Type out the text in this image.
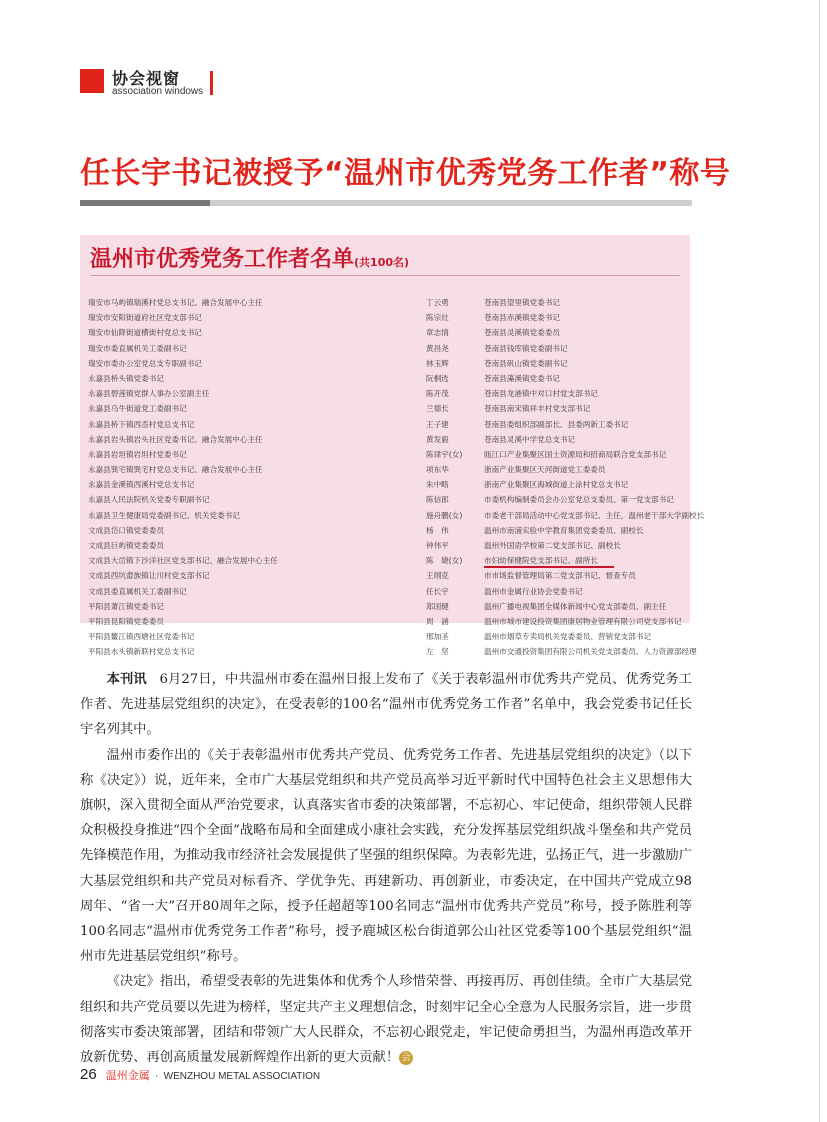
协会视窗
association windows
任长宇书记被授予“温州市优秀党务工作者”称号
温州市优秀党务工作者名单(共100名)
瑞安市马屿镇瑞溪村党总支书记、融合发展中心主任
瑞安市安阳街道府社区党支部书记
瑞安市仙降街道横街村党总支书记
瑞安市委直属机关工委副书记
瑞安市委办公室党总支专职副书记
永嘉县桥头镇党委书记
永嘉县碧莲镇党群人事办公室副主任
永嘉县乌牛街道党工委副书记
永嘉县桥下镇西岙村党总支书记
永嘉县岩头镇岩头社区党委书记、融合发展中心主任
永嘉县岩坦镇岩坦村党委书记
永嘉县巽宅镇巽宅村党总支书记、融合发展中心主任
永嘉县金溪镇西溪村党总支书记
永嘉县人民法院机关党委专职副书记
永嘉县卫生健康局党委副书记、机关党委书记
文成县岱口镇党委委员
文成县巨屿镇党委委员
文成县大峃镇下沙洋社区党支部书记、融合发展中心主任
文成县西坑畲族镇让川村党支部书记
文成县委直属机关工委副书记
平阳县萧江镇党委书记
平阳县昆阳镇党委委员
平阳县鳌江镇西塘社区党委书记
平阳县水头镇新联村党总支书记
丁云勇
陈宗灶
章志情
黄昌尧
林玉辉
阮桐选
陈开茂
兰德长
王子建
黄发毅
陈律宇(女)
项东华
朱中略
陈信郎
施舟鹏(女)
杨　伟
钟伟平
陈　婕(女)
王纲克
任长宇
郑国健
周　涵
邢加圣
左　坚
苍南县望里镇党委书记
苍南县赤溪镇党委书记
苍南县灵溪镇党委委员
苍南县钱库镇党委副书记
苍南县矾山镇党委副书记
苍南县藻溪镇党委书记
苍南县龙港镇中对口村党支部书记
苍南县南宋镇祥丰村党支部书记
苍南县委组织部副部长、县委两新工委书记
苍南县灵溪中学党总支书记
瓯江口产业集聚区国土资源局和招商局联合党支部书记
浙南产业集聚区天河街道党工委委员
浙南产业集聚区海城街道上涂村党总支书记
市委机构编制委员会办公室党总支委员、第一党支部书记
市委老干部局活动中心党支部书记、主任，温州老干部大学副校长
温州市南浦实验中学教育集团党委委员、副校长
温州外国语学校第二党支部书记、副校长
市妇幼保健院党支部书记、副所长
市市场监督管理局第二党支部书记、督查专员
温州市金属行业协会党委书记
温州广播电视集团全媒体新闻中心党支部委员、副主任
温州市城市建设投资集团康居物业管理有限公司党支部书记
温州市烟草专卖局机关党委委员、营销党支部书记
温州市交通投资集团有限公司机关党支部委员、人力资源部经理

本刊讯 6月27日，中共温州市委在温州日报上发布了《关于表彰温州市优秀共产党员、优秀党务工作者、先进基层党组织的决定》，在受表彰的100名“温州市优秀党务工作者”名单中，我会党委书记任长宇名列其中。

温州市委作出的《关于表彰温州市优秀共产党员、优秀党务工作者、先进基层党组织的决定》（以下称《决定》）说，近年来，全市广大基层党组织和共产党员高举习近平新时代中国特色社会主义思想伟大旗帜，深入贯彻全面从严治党要求，认真落实省市委的决策部署，不忘初心、牢记使命，组织带领人民群众积极投身推进“四个全面”战略布局和全面建成小康社会实践，充分发挥基层党组织战斗堡垒和共产党员先锋模范作用，为推动我市经济社会发展提供了坚强的组织保障。为表彰先进，弘扬正气，进一步激励广大基层党组织和共产党员对标看齐、学优争先、再建新功、再创新业，市委决定，在中国共产党成立98周年、“省一大”召开80周年之际，授予任超超等100名同志“温州市优秀共产党员”称号，授予陈胜利等100名同志“温州市优秀党务工作者”称号，授予鹿城区松台街道郭公山社区党委等100个基层党组织“温州市先进基层党组织”称号。

《决定》指出，希望受表彰的先进集体和优秀个人珍惜荣誉、再接再厉、再创佳绩。全市广大基层党组织和共产党员要以先进为榜样，坚定共产主义理想信念，时刻牢记全心全意为人民服务宗旨，进一步贯彻落实市委决策部署，团结和带领广大人民群众，不忘初心跟党走，牢记使命勇担当，为温州再造改革开放新优势、再创高质量发展新辉煌作出新的更大贡献！ 会

26 温州金属 · WENZHOU METAL ASSOCIATION
